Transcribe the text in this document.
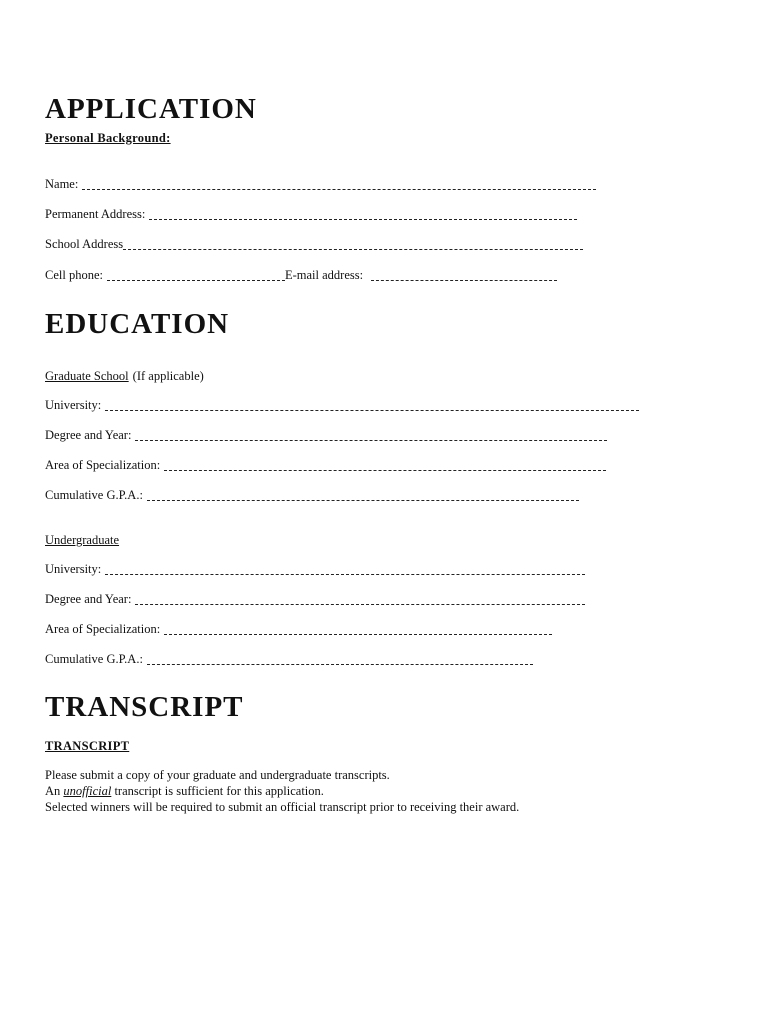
APPLICATION
Personal Background:
Name:
Permanent Address:
School Address
Cell phone:	E-mail address:
EDUCATION
Graduate School (If applicable)
University:
Degree and Year:
Area of Specialization:
Cumulative G.P.A.:
Undergraduate
University:
Degree and Year:
Area of Specialization:
Cumulative G.P.A.:
TRANSCRIPT
TRANSCRIPT
Please submit a copy of your graduate and undergraduate transcripts.
An unofficial transcript is sufficient for this application.
Selected winners will be required to submit an official transcript prior to receiving their award.
